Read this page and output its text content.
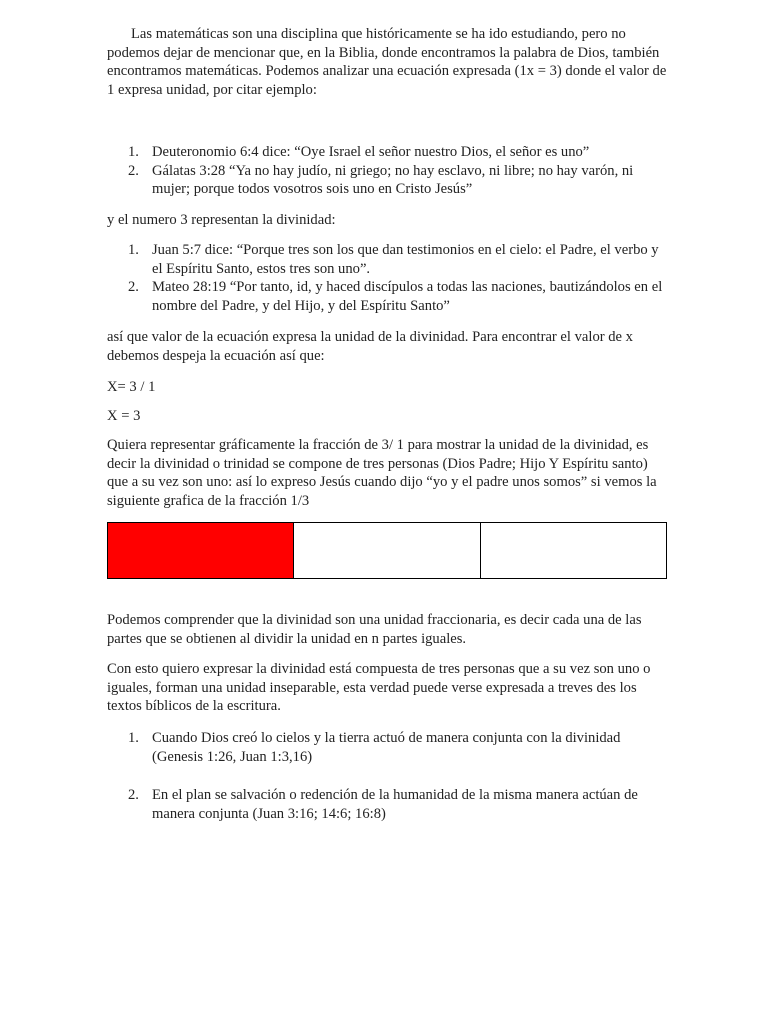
Las matemáticas son una disciplina que históricamente se ha ido estudiando, pero no podemos dejar de mencionar que, en la Biblia, donde encontramos la palabra de Dios, también encontramos matemáticas. Podemos analizar una ecuación expresada (1x = 3) donde el valor de 1 expresa unidad, por citar ejemplo:

1. Deuteronomio 6:4 dice: “Oye Israel el señor nuestro Dios, el señor es uno”
2. Gálatas 3:28 “Ya no hay judío, ni griego; no hay esclavo, ni libre; no hay varón, ni mujer; porque todos vosotros sois uno en Cristo Jesús”

y el numero 3 representan la divinidad:

1. Juan 5:7 dice: “Porque tres son los que dan testimonios en el cielo: el Padre, el verbo y el Espíritu Santo, estos tres son uno”.
2. Mateo 28:19 “Por tanto, id, y haced discípulos a todas las naciones, bautizándolos en el nombre del Padre, y del Hijo, y del Espíritu Santo”

así que valor de la ecuación expresa la unidad de la divinidad. Para encontrar el valor de x debemos despeja la ecuación así que:

X= 3 / 1

X = 3

Quiera representar gráficamente la fracción de 3/ 1 para mostrar la unidad de la divinidad, es decir la divinidad o trinidad se compone de tres personas (Dios Padre; Hijo Y Espíritu santo) que a su vez son uno: así lo expreso Jesús cuando dijo “yo y el padre unos somos” si vemos la siguiente grafica de la fracción 1/3

Podemos comprender que la divinidad son una unidad fraccionaria, es decir cada una de las partes que se obtienen al dividir la unidad en n partes iguales.

Con esto quiero expresar la divinidad está compuesta de tres personas que a su vez son uno o iguales, forman una unidad inseparable, esta verdad puede verse expresada a treves des los textos bíblicos de la escritura.

1. Cuando Dios creó lo cielos y la tierra actuó de manera conjunta con la divinidad (Genesis 1:26, Juan 1:3,16)
2. En el plan se salvación o redención de la humanidad de la misma manera actúan de manera conjunta (Juan 3:16; 14:6; 16:8)
